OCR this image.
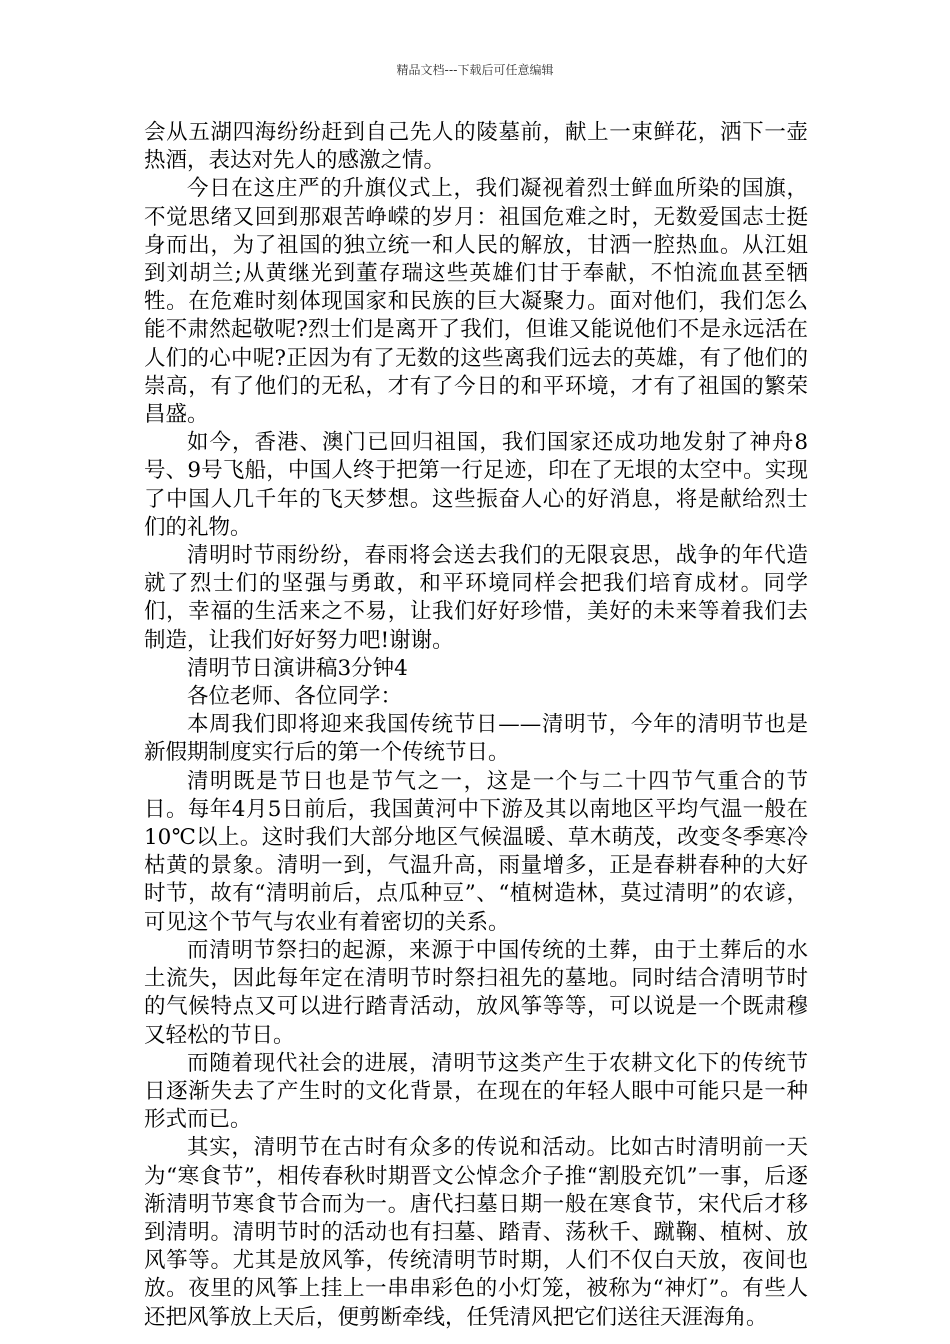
精品文档---下载后可任意编辑

会从五湖四海纷纷赶到自己先人的陵墓前，献上一束鲜花，洒下一壶热酒，表达对先人的感激之情。

今日在这庄严的升旗仪式上，我们凝视着烈士鲜血所染的国旗，不觉思绪又回到那艰苦峥嵘的岁月：祖国危难之时，无数爱国志士挺身而出，为了祖国的独立统一和人民的解放，甘洒一腔热血。从江姐到刘胡兰;从黄继光到董存瑞这些英雄们甘于奉献，不怕流血甚至牺牲。在危难时刻体现国家和民族的巨大凝聚力。面对他们，我们怎么能不肃然起敬呢?烈士们是离开了我们，但谁又能说他们不是永远活在人们的心中呢?正因为有了无数的这些离我们远去的英雄，有了他们的崇高，有了他们的无私，才有了今日的和平环境，才有了祖国的繁荣昌盛。

如今，香港、澳门已回归祖国，我们国家还成功地发射了神舟8号、9号飞船，中国人终于把第一行足迹，印在了无垠的太空中。实现了中国人几千年的飞天梦想。这些振奋人心的好消息，将是献给烈士们的礼物。

清明时节雨纷纷，春雨将会送去我们的无限哀思，战争的年代造就了烈士们的坚强与勇敢，和平环境同样会把我们培育成材。同学们，幸福的生活来之不易，让我们好好珍惜，美好的未来等着我们去制造，让我们好好努力吧!谢谢。

清明节日演讲稿3分钟4

各位老师、各位同学：

本周我们即将迎来我国传统节日——清明节，今年的清明节也是新假期制度实行后的第一个传统节日。

清明既是节日也是节气之一，这是一个与二十四节气重合的节日。每年4月5日前后，我国黄河中下游及其以南地区平均气温一般在10℃以上。这时我们大部分地区气候温暖、草木萌茂，改变冬季寒冷枯黄的景象。清明一到，气温升高，雨量增多，正是春耕春种的大好时节，故有“清明前后，点瓜种豆”、“植树造林，莫过清明”的农谚，可见这个节气与农业有着密切的关系。

而清明节祭扫的起源，来源于中国传统的土葬，由于土葬后的水土流失，因此每年定在清明节时祭扫祖先的墓地。同时结合清明节时的气候特点又可以进行踏青活动，放风筝等等，可以说是一个既肃穆又轻松的节日。

而随着现代社会的进展，清明节这类产生于农耕文化下的传统节日逐渐失去了产生时的文化背景，在现在的年轻人眼中可能只是一种形式而已。

其实，清明节在古时有众多的传说和活动。比如古时清明前一天为“寒食节”，相传春秋时期晋文公悼念介子推“割股充饥”一事，后逐渐清明节寒食节合而为一。唐代扫墓日期一般在寒食节，宋代后才移到清明。清明节时的活动也有扫墓、踏青、荡秋千、蹴鞠、植树、放风筝等。尤其是放风筝，传统清明节时期，人们不仅白天放，夜间也放。夜里的风筝上挂上一串串彩色的小灯笼，被称为“神灯”。有些人还把风筝放上天后，便剪断牵线，任凭清风把它们送往天涯海角。
